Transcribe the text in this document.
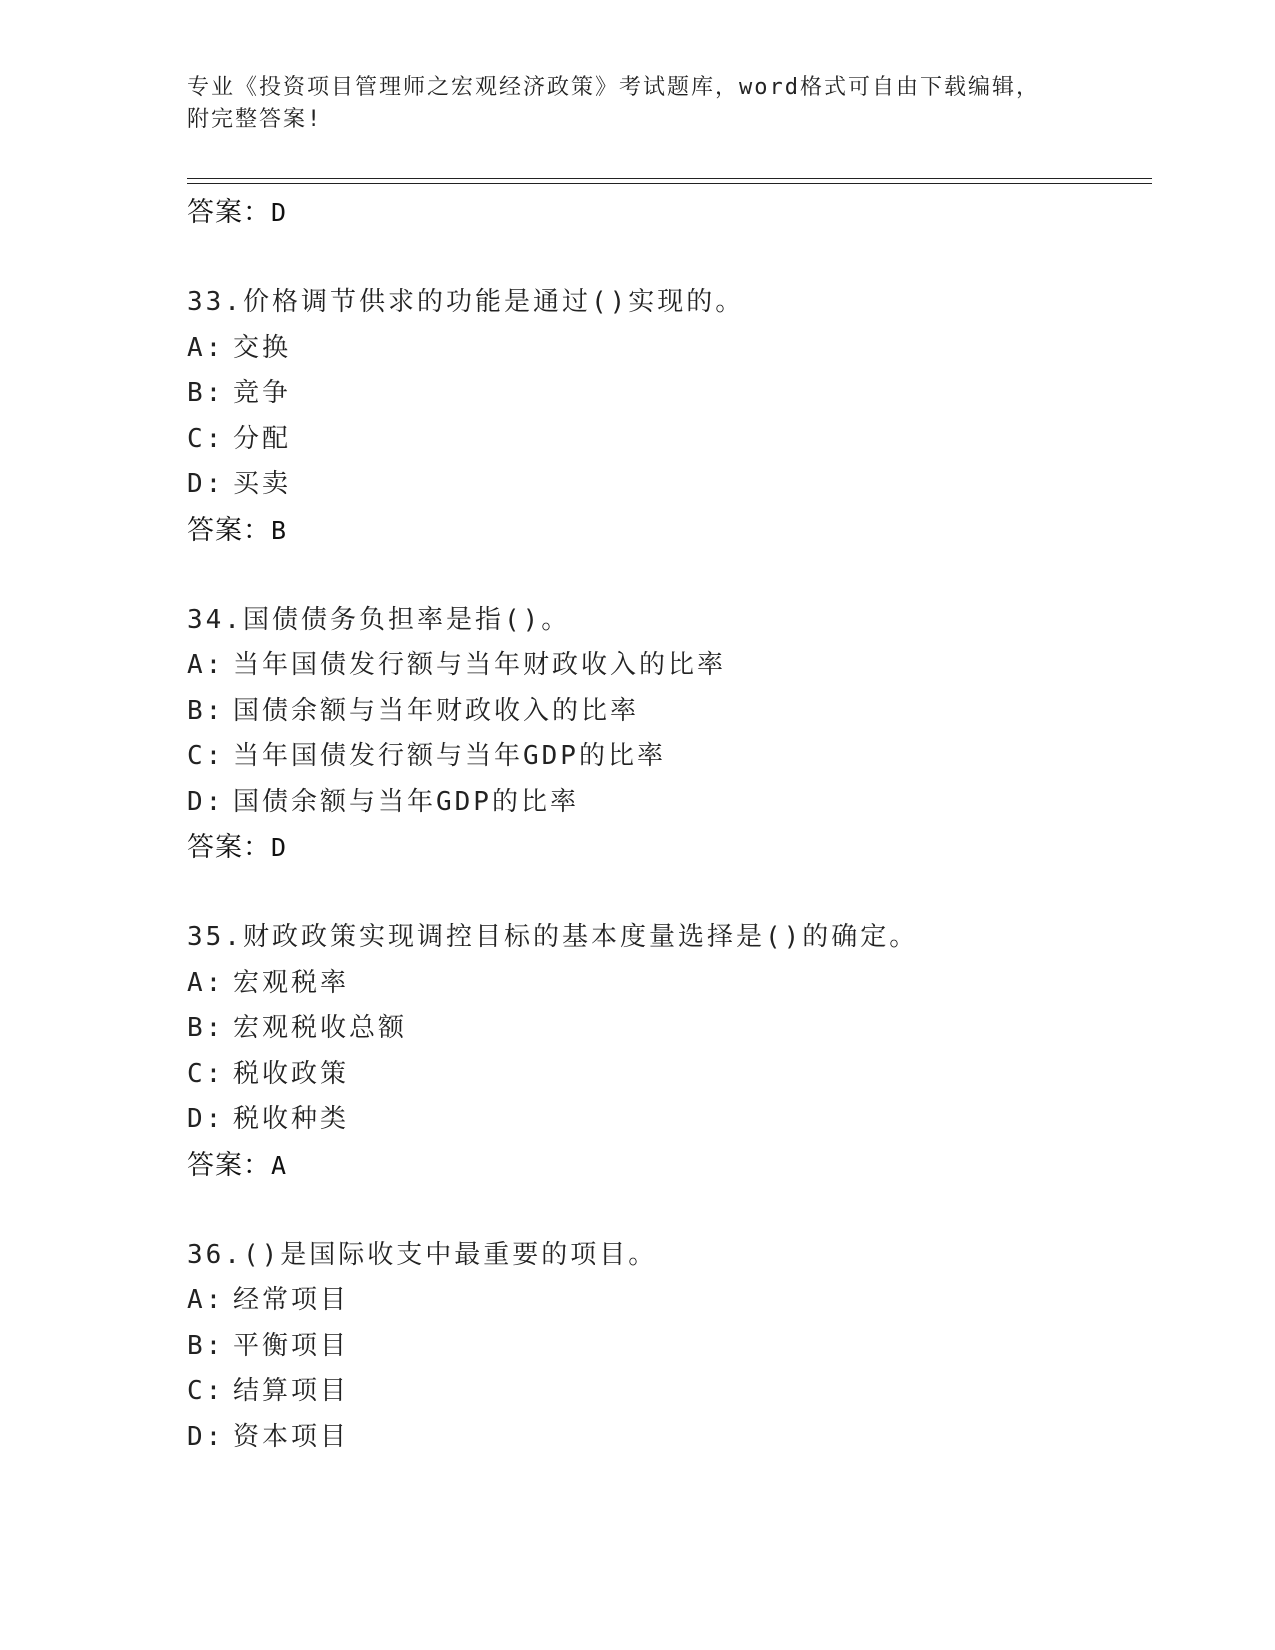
专业《投资项目管理师之宏观经济政策》考试题库，word格式可自由下载编辑，
附完整答案!
答案：D
33.价格调节供求的功能是通过()实现的。
A: 交换
B: 竞争
C: 分配
D: 买卖
答案：B
34.国债债务负担率是指()。
A: 当年国债发行额与当年财政收入的比率
B: 国债余额与当年财政收入的比率
C: 当年国债发行额与当年GDP的比率
D: 国债余额与当年GDP的比率
答案：D
35.财政政策实现调控目标的基本度量选择是()的确定。
A: 宏观税率
B: 宏观税收总额
C: 税收政策
D: 税收种类
答案：A
36.()是国际收支中最重要的项目。
A: 经常项目
B: 平衡项目
C: 结算项目
D: 资本项目
